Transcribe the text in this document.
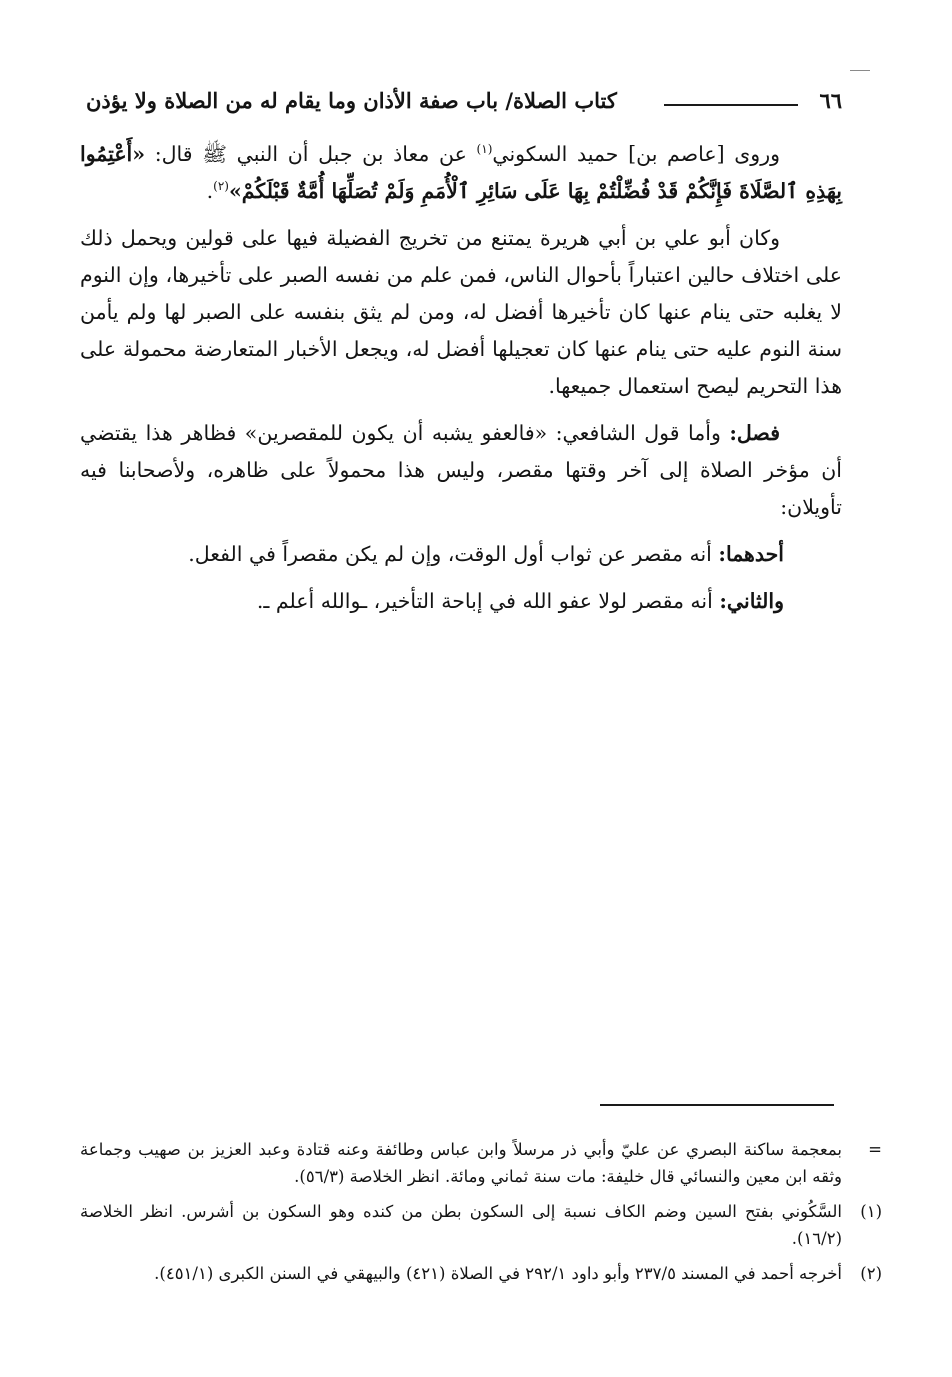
٦٦
كتاب الصلاة/ باب صفة الأذان وما يقام له من الصلاة ولا يؤذن

وروى [عاصم بن] حميد السكوني$^{(١)}$ عن معاذ بن جبل أن النبي ﷺ قال: «أَعْتِمُوا بِهَذِهِ ٱلصَّلَاةَ فَإِنَّكُمْ قَدْ فُضِّلْتُمْ بِهَا عَلَى سَائِرِ ٱلْأُمَمِ وَلَمْ تُصَلِّهَا أُمَّةٌ قَبْلَكُمْ»$^{(٢)}$.

وكان أبو علي بن أبي هريرة يمتنع من تخريج الفضيلة فيها على قولين ويحمل ذلك على اختلاف حالين اعتباراً بأحوال الناس، فمن علم من نفسه الصبر على تأخيرها، وإن النوم لا يغلبه حتى ينام عنها كان تأخيرها أفضل له، ومن لم يثق بنفسه على الصبر لها ولم يأمن سنة النوم عليه حتى ينام عنها كان تعجيلها أفضل له، ويجعل الأخبار المتعارضة محمولة على هذا التحريم ليصح استعمال جميعها.

فصل: وأما قول الشافعي: «فالعفو يشبه أن يكون للمقصرين» فظاهر هذا يقتضي أن مؤخر الصلاة إلى آخر وقتها مقصر، وليس هذا محمولاً على ظاهره، ولأصحابنا فيه تأويلان:

أحدهما: أنه مقصر عن ثواب أول الوقت، وإن لم يكن مقصراً في الفعل.

والثاني: أنه مقصر لولا عفو الله في إباحة التأخير، ـوالله أعلم ـ.

=
بمعجمة ساكنة البصري عن عليّ وأبي ذر مرسلاً وابن عباس وطائفة وعنه قتادة وعبد العزيز بن صهيب وجماعة وثقه ابن معين والنسائي قال خليفة: مات سنة ثماني ومائة. انظر الخلاصة (٥٦/٣).
(١)
السَّكُوني بفتح السين وضم الكاف نسبة إلى السكون بطن من كنده وهو السكون بن أشرس. انظر الخلاصة (١٦/٢).
(٢)
أخرجه أحمد في المسند ٢٣٧/٥ وأبو داود ٢٩٢/١ في الصلاة (٤٢١) والبيهقي في السنن الكبرى (٤٥١/١).
